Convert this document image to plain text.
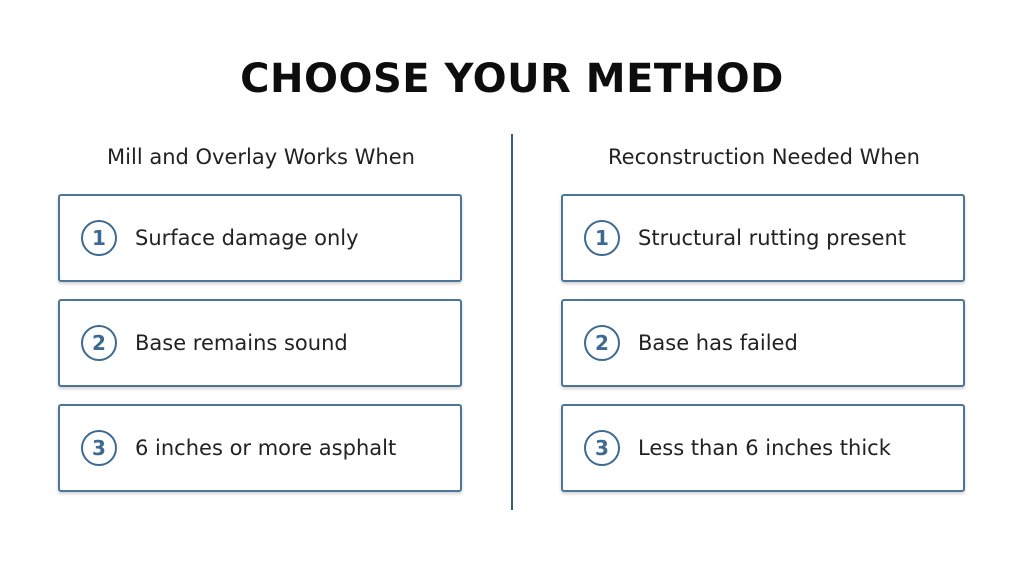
CHOOSE YOUR METHOD
Mill and Overlay Works When
1	Surface damage only
2	Base remains sound
3	6 inches or more asphalt
Reconstruction Needed When
1	Structural rutting present
2	Base has failed
3	Less than 6 inches thick
